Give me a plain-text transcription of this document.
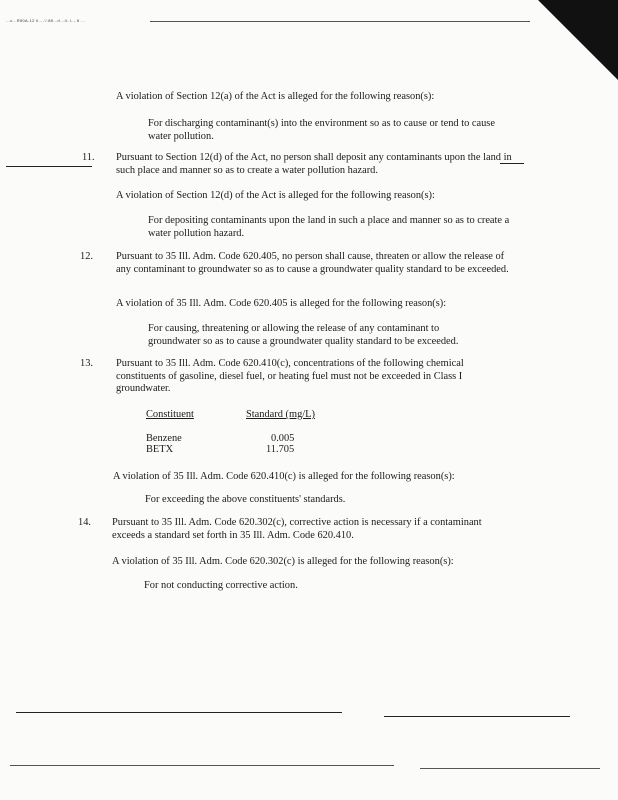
...c...R50A-12 ll...-'/.8fl...rl...ll..l..- 6 ...
A violation of Section 12(a) of the Act is alleged for the following reason(s):
For discharging contaminant(s) into the environment so as to cause or tend to cause water pollution.
11. Pursuant to Section 12(d) of the Act, no person shall deposit any contaminants upon the land in such place and manner so as to create a water pollution hazard.
A violation of Section 12(d) of the Act is alleged for the following reason(s):
For depositing contaminants upon the land in such a place and manner so as to create a water pollution hazard.
12. Pursuant to 35 Ill. Adm. Code 620.405, no person shall cause, threaten or allow the release of any contaminant to groundwater so as to cause a groundwater quality standard to be exceeded.
A violation of 35 Ill. Adm. Code 620.405 is alleged for the following reason(s):
For causing, threatening or allowing the release of any contaminant to groundwater so as to cause a groundwater quality standard to be exceeded.
13. Pursuant to 35 Ill. Adm. Code 620.410(c), concentrations of the following chemical constituents of gasoline, diesel fuel, or heating fuel must not be exceeded in Class I groundwater.
Constituent	Standard (mg/L)

Benzene	0.005
BETX	11.705
A violation of 35 Ill. Adm. Code 620.410(c) is alleged for the following reason(s):
For exceeding the above constituents' standards.
14. Pursuant to 35 Ill. Adm. Code 620.302(c), corrective action is necessary if a contaminant exceeds a standard set forth in 35 Ill. Adm. Code 620.410.
A violation of 35 Ill. Adm. Code 620.302(c) is alleged for the following reason(s):
For not conducting corrective action.
